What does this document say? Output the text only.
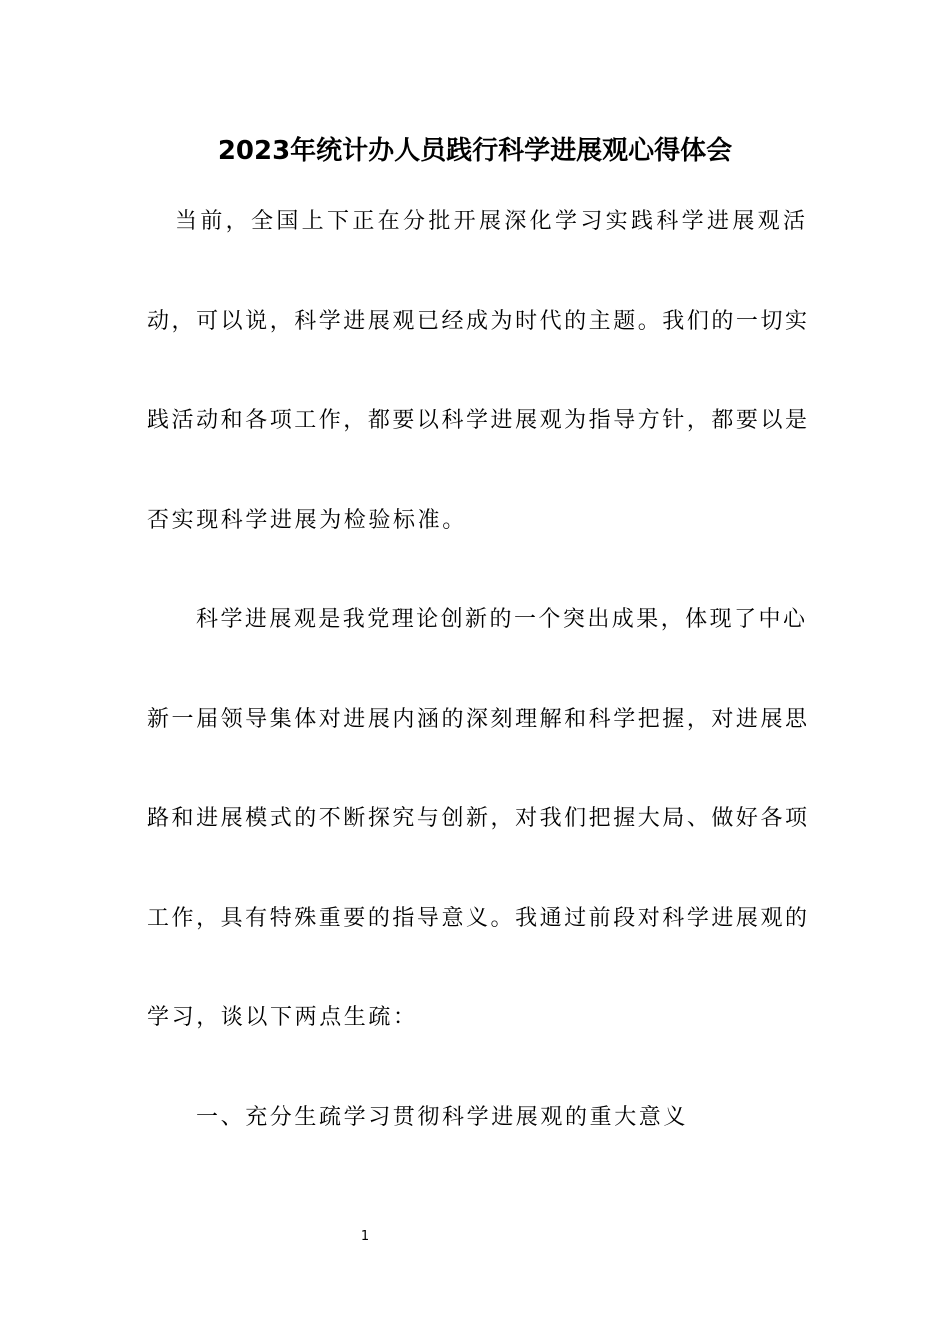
2023年统计办人员践行科学进展观心得体会
当前，全国上下正在分批开展深化学习实践科学进展观活
动，可以说，科学进展观已经成为时代的主题。我们的一切实
践活动和各项工作，都要以科学进展观为指导方针，都要以是
否实现科学进展为检验标准。
科学进展观是我党理论创新的一个突出成果，体现了中心
新一届领导集体对进展内涵的深刻理解和科学把握，对进展思
路和进展模式的不断探究与创新，对我们把握大局、做好各项
工作，具有特殊重要的指导意义。我通过前段对科学进展观的
学习，谈以下两点生疏：
一、充分生疏学习贯彻科学进展观的重大意义
1
